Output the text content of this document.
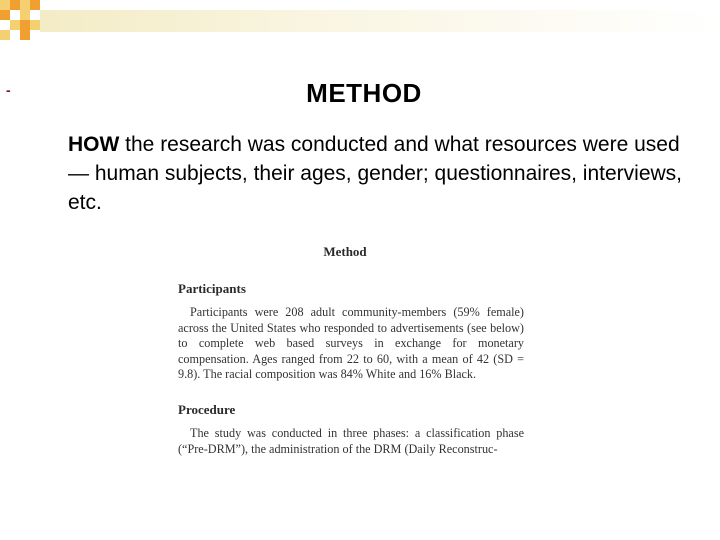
-	METHOD
HOW the research was conducted and what resources were used — human subjects, their ages, gender; questionnaires, interviews, etc.
Method
Participants
Participants were 208 adult community-members (59% female) across the United States who responded to advertisements (see below) to complete web based surveys in exchange for monetary compensation. Ages ranged from 22 to 60, with a mean of 42 (SD = 9.8). The racial composition was 84% White and 16% Black.
Procedure
The study was conducted in three phases: a classification phase (“Pre-DRM”), the administration of the DRM (Daily Reconstruc-
